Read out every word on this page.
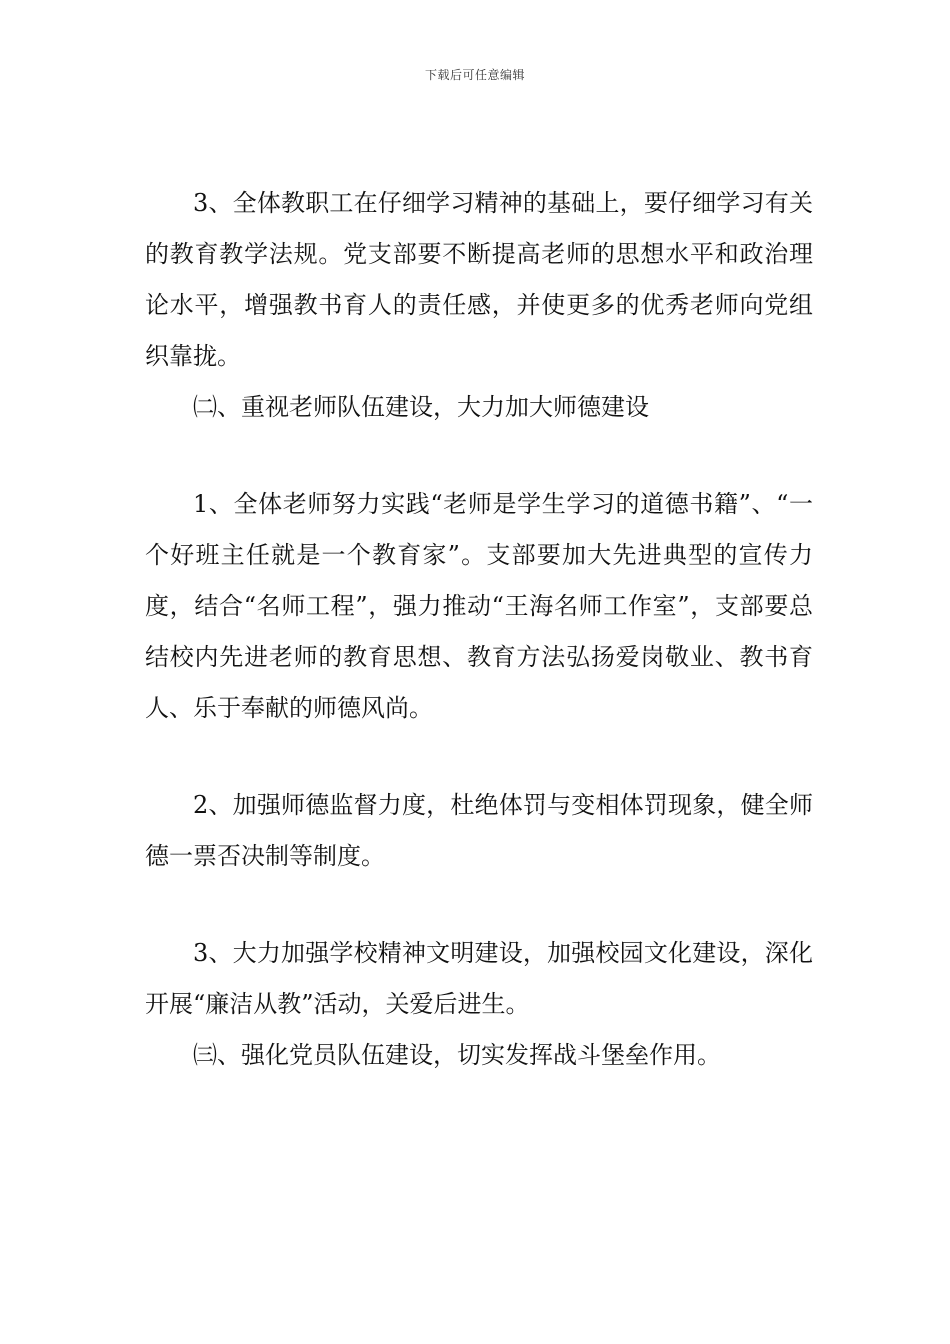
下载后可任意编辑

3、全体教职工在仔细学习精神的基础上，要仔细学习有关的教育教学法规。党支部要不断提高老师的思想水平和政治理论水平，增强教书育人的责任感，并使更多的优秀老师向党组织靠拢。

㈡、重视老师队伍建设，大力加大师德建设

1、全体老师努力实践“老师是学生学习的道德书籍”、“一个好班主任就是一个教育家”。支部要加大先进典型的宣传力度，结合“名师工程”，强力推动“王海名师工作室”，支部要总结校内先进老师的教育思想、教育方法弘扬爱岗敬业、教书育人、乐于奉献的师德风尚。

2、加强师德监督力度，杜绝体罚与变相体罚现象，健全师德一票否决制等制度。

3、大力加强学校精神文明建设，加强校园文化建设，深化开展“廉洁从教”活动，关爱后进生。

㈢、强化党员队伍建设，切实发挥战斗堡垒作用。
